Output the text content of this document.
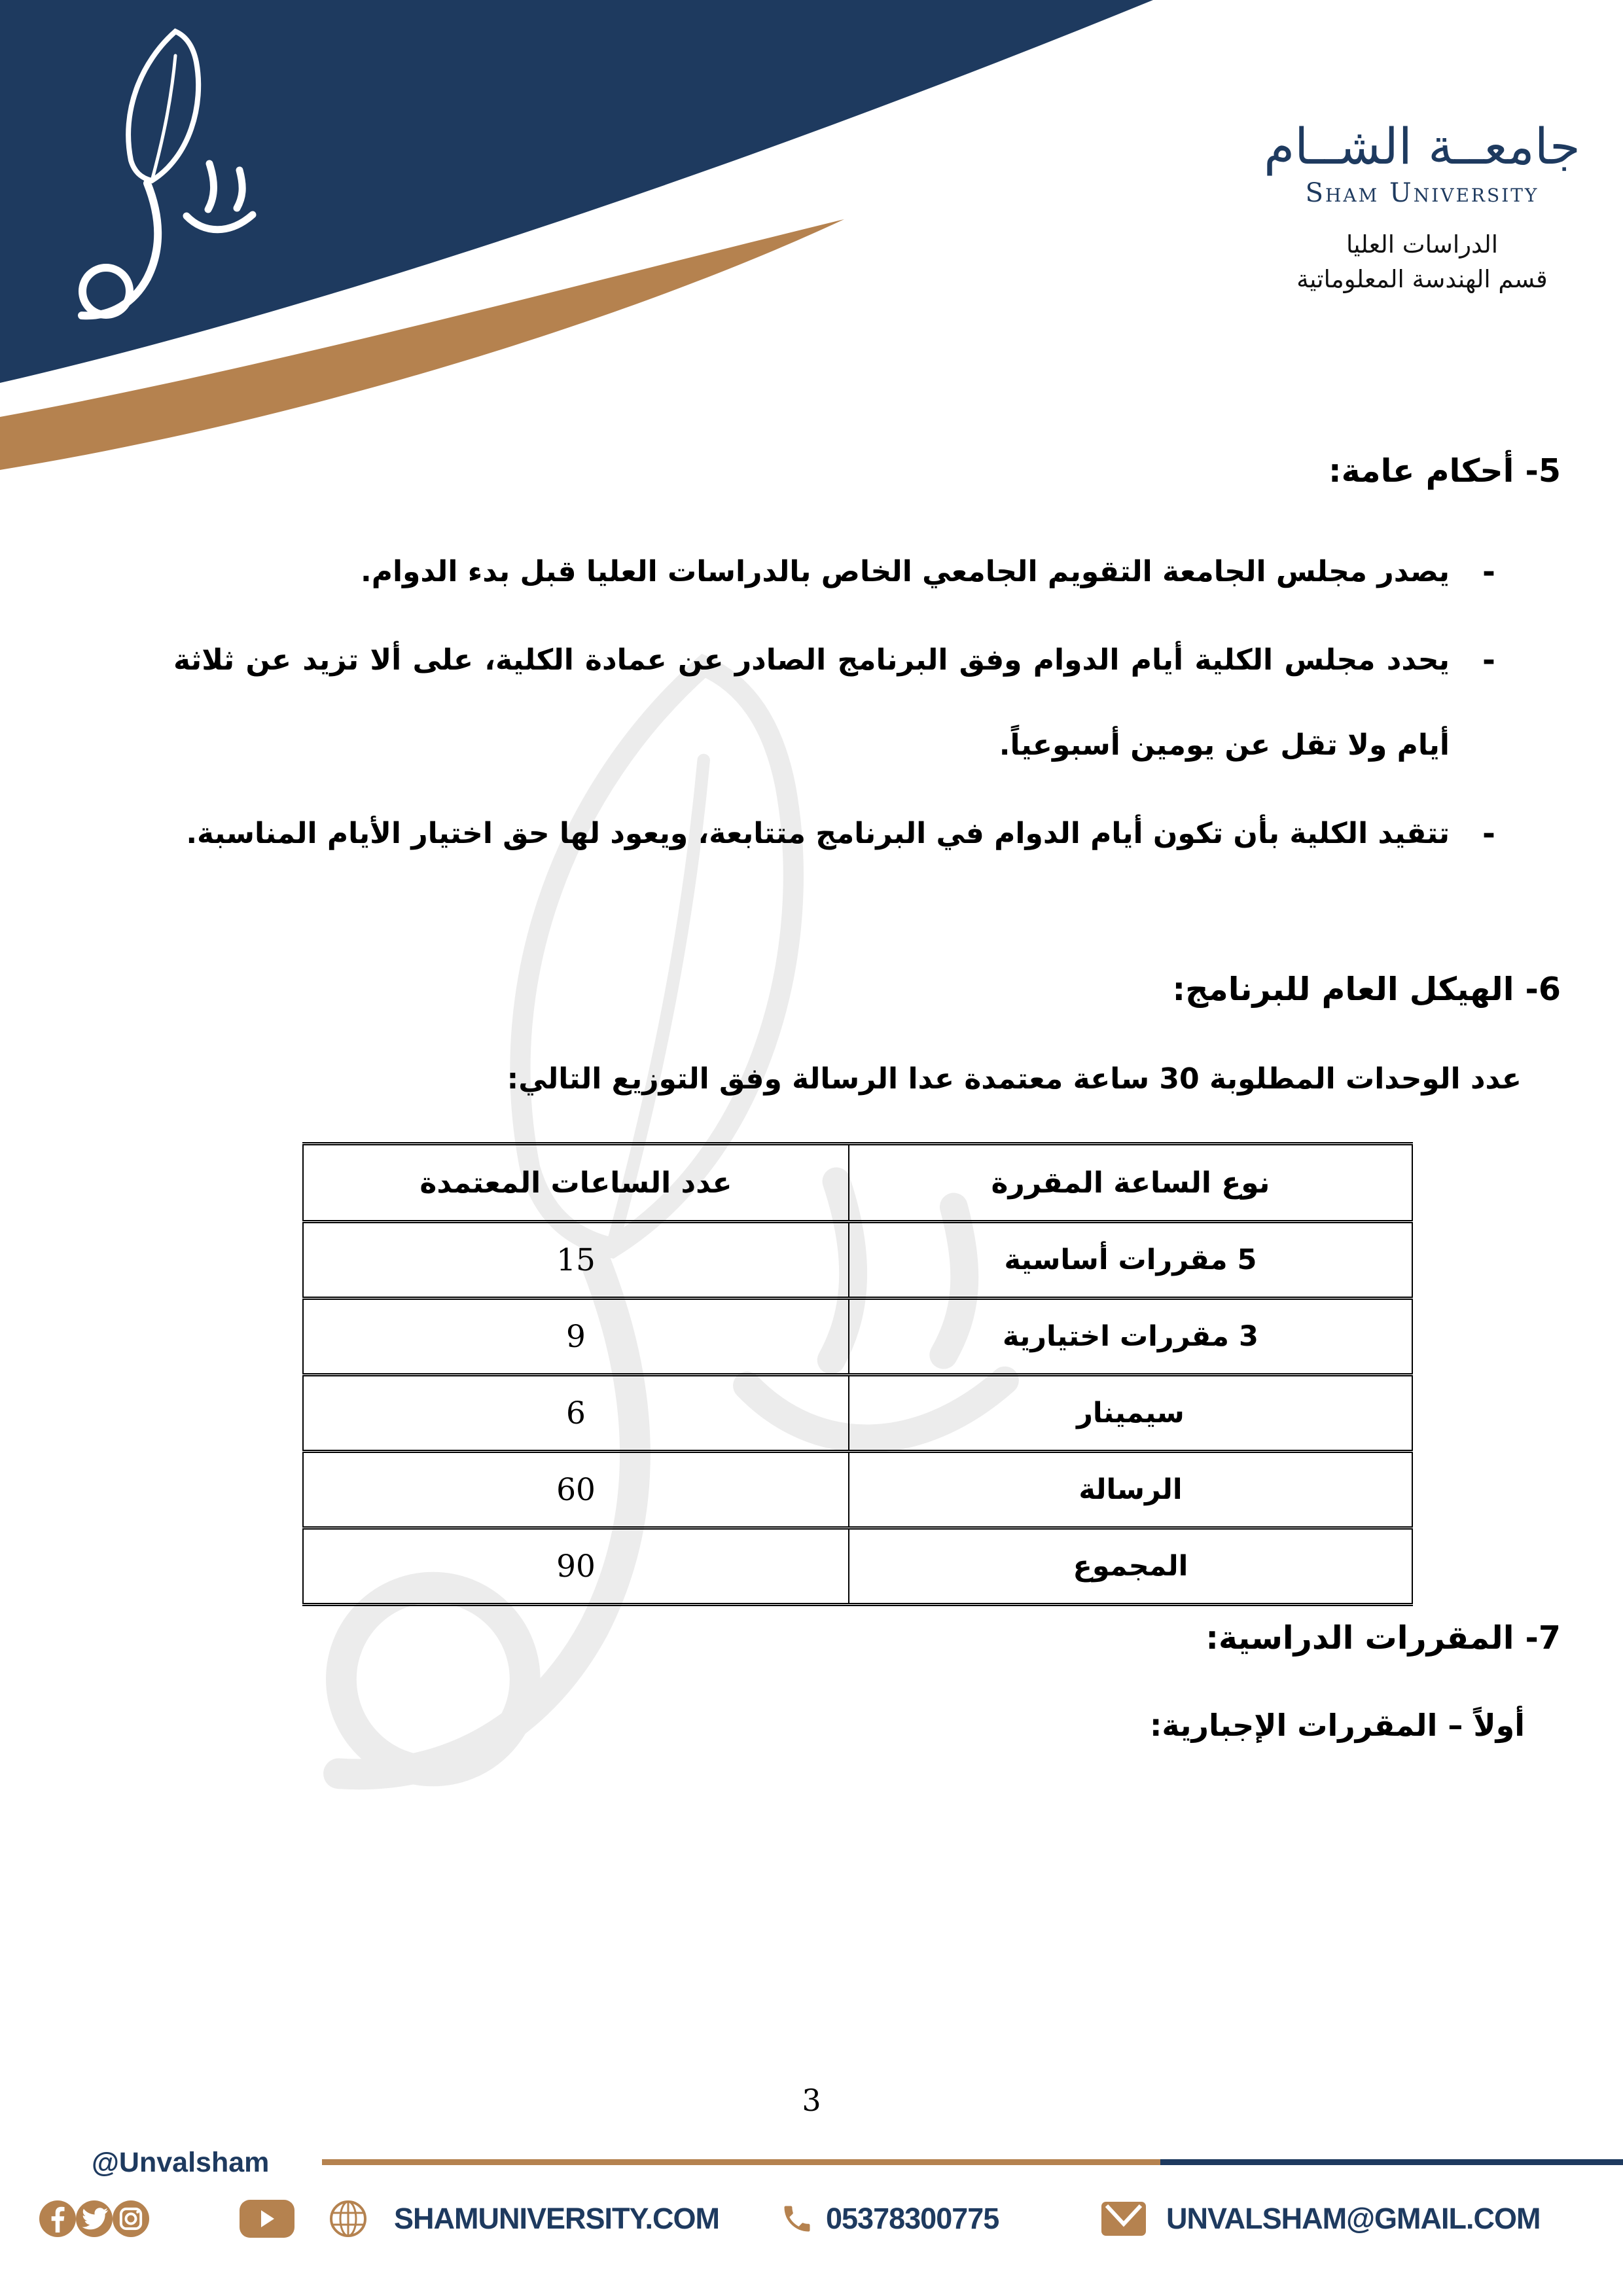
جامعــة الشــام
Sham University
الدراسات العليا
قسم الهندسة المعلوماتية
5- أحكام عامة:
-

يصدر مجلس الجامعة التقويم الجامعي الخاص بالدراسات العليا قبل بدء الدوام.

-

يحدد مجلس الكلية أيام الدوام وفق البرنامج الصادر عن عمادة الكلية، على ألا تزيد عن ثلاثة أيام ولا تقل عن يومين أسبوعياً.

-

تتقيد الكلية بأن تكون أيام الدوام في البرنامج متتابعة، ويعود لها حق اختيار الأيام المناسبة.

6- الهيكل العام للبرنامج:
عدد الوحدات المطلوبة 30 ساعة معتمدة عدا الرسالة وفق التوزيع التالي:
نوع الساعة المقررة	عدد الساعات المعتمدة
5 مقررات أساسية	15
3 مقررات اختيارية	9
سيمينار	6
الرسالة	60
المجموع	90
7- المقررات الدراسية:
أولاً – المقررات الإجبارية:
3
@Unvalsham
SHAMUNIVERSITY.COM	05378300775	UNVALSHAM@GMAIL.COM
